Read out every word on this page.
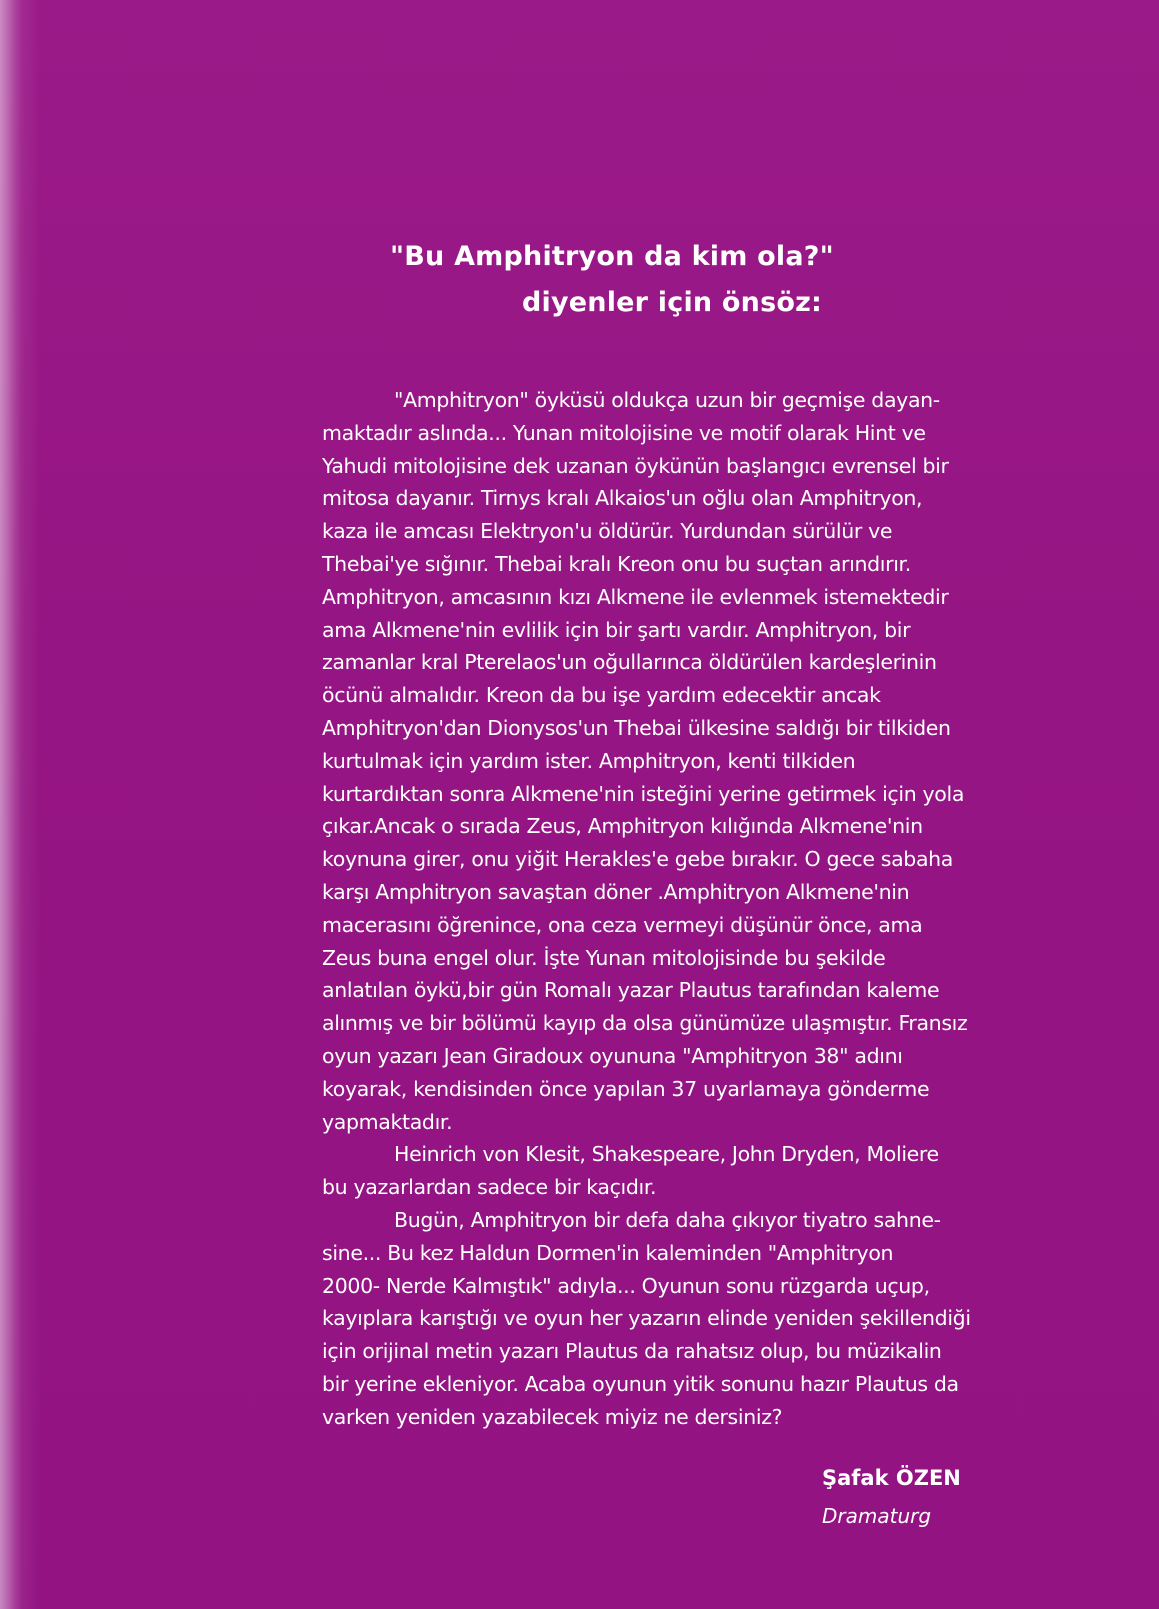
"Bu Amphitryon da kim ola?"
diyenler için önsöz:
"Amphitryon" öyküsü oldukça uzun bir geçmişe dayan-
maktadır aslında... Yunan mitolojisine ve motif olarak Hint ve
Yahudi mitolojisine dek uzanan öykünün başlangıcı evrensel bir
mitosa dayanır. Tirnys kralı Alkaios'un oğlu olan Amphitryon,
kaza ile amcası Elektryon'u öldürür. Yurdundan sürülür ve
Thebai'ye sığınır. Thebai kralı Kreon onu bu suçtan arındırır.
Amphitryon, amcasının kızı Alkmene ile evlenmek istemektedir
ama Alkmene'nin evlilik için bir şartı vardır. Amphitryon, bir
zamanlar kral Pterelaos'un oğullarınca öldürülen kardeşlerinin
öcünü almalıdır. Kreon da bu işe yardım edecektir ancak
Amphitryon'dan Dionysos'un Thebai ülkesine saldığı bir tilkiden
kurtulmak için yardım ister. Amphitryon, kenti tilkiden
kurtardıktan sonra Alkmene'nin isteğini yerine getirmek için yola
çıkar.Ancak o sırada Zeus, Amphitryon kılığında Alkmene'nin
koynuna girer, onu yiğit Herakles'e gebe bırakır. O gece sabaha
karşı Amphitryon savaştan döner .Amphitryon Alkmene'nin
macerasını öğrenince, ona ceza vermeyi düşünür önce, ama
Zeus buna engel olur. İşte Yunan mitolojisinde bu şekilde
anlatılan öykü,bir gün Romalı yazar Plautus tarafından kaleme
alınmış ve bir bölümü kayıp da olsa günümüze ulaşmıştır. Fransız
oyun yazarı Jean Giradoux oyununa "Amphitryon 38" adını
koyarak, kendisinden önce yapılan 37 uyarlamaya gönderme
yapmaktadır.
Heinrich von Klesit, Shakespeare, John Dryden, Moliere
bu yazarlardan sadece bir kaçıdır.
Bugün, Amphitryon bir defa daha çıkıyor tiyatro sahne-
sine... Bu kez Haldun Dormen'in kaleminden "Amphitryon
2000- Nerde Kalmıştık" adıyla... Oyunun sonu rüzgarda uçup,
kayıplara karıştığı ve oyun her yazarın elinde yeniden şekillendiği
için orijinal metin yazarı Plautus da rahatsız olup, bu müzikalin
bir yerine ekleniyor. Acaba oyunun yitik sonunu hazır Plautus da
varken yeniden yazabilecek miyiz ne dersiniz?
Şafak ÖZEN
Dramaturg
